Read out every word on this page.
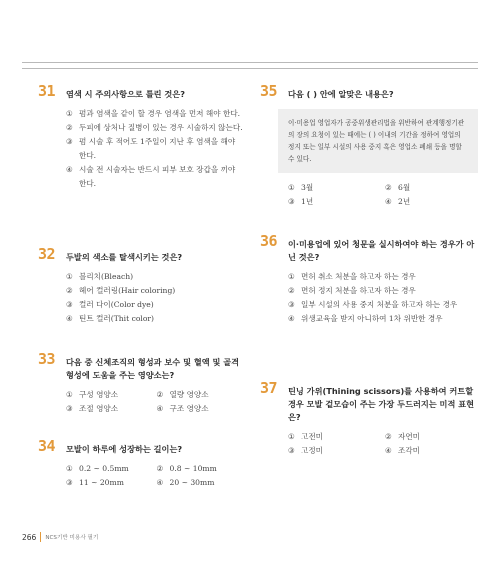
31 염색 시 주의사항으로 틀린 것은?
① 펌과 염색을 같이 할 경우 염색을 먼저 해야 한다.
② 두피에 상처나 질병이 있는 경우 시술하지 않는다.
③ 펌 시술 후 적어도 1주일이 지난 후 염색을 해야 한다.
④ 시술 전 시술자는 반드시 피부 보호 장갑을 끼야 한다.
32 두발의 색소를 탈색시키는 것은?
① 블리치(Bleach)
② 헤어 컬러링(Hair coloring)
③ 컬러 다이(Color dye)
④ 틴트 컬러(Thit color)
33 다음 중 신체조직의 형성과 보수 및 혈액 및 골격 형성에 도움을 주는 영양소는?
① 구성 영양소	② 열량 영양소
③ 조절 영양소	④ 구조 영양소
34 모발이 하루에 성장하는 길이는?
① 0.2 ~ 0.5mm	② 0.8 ~ 10mm
③ 11 ~ 20mm	④ 20 ~ 30mm
35 다음 ( ) 안에 알맞은 내용은?
이·미용업 영업자가 공중위생관리법을 위반하여 관계행정기관의 장의 요청이 있는 때에는 ( ) 이내의 기간을 정하여 영업의 정지 또는 일부 시설의 사용 중지 혹은 영업소 폐쇄 등을 명할 수 있다.
① 3월	② 6월
③ 1년	④ 2년
36 이·미용업에 있어 청문을 실시하여야 하는 경우가 아닌 것은?
① 면허 취소 처분을 하고자 하는 경우
② 면허 정지 처분을 하고자 하는 경우
③ 일부 시설의 사용 중지 처분을 하고자 하는 경우
④ 위생교육을 받지 아니하여 1차 위반한 경우
37 틴닝 가위(Thining scissors)를 사용하여 커트할 경우 모발 겉모습이 주는 가장 두드러지는 미적 표현은?
① 고전미	② 자연미
③ 고정미	④ 조각미
266 NCS기반 미용사 필기
